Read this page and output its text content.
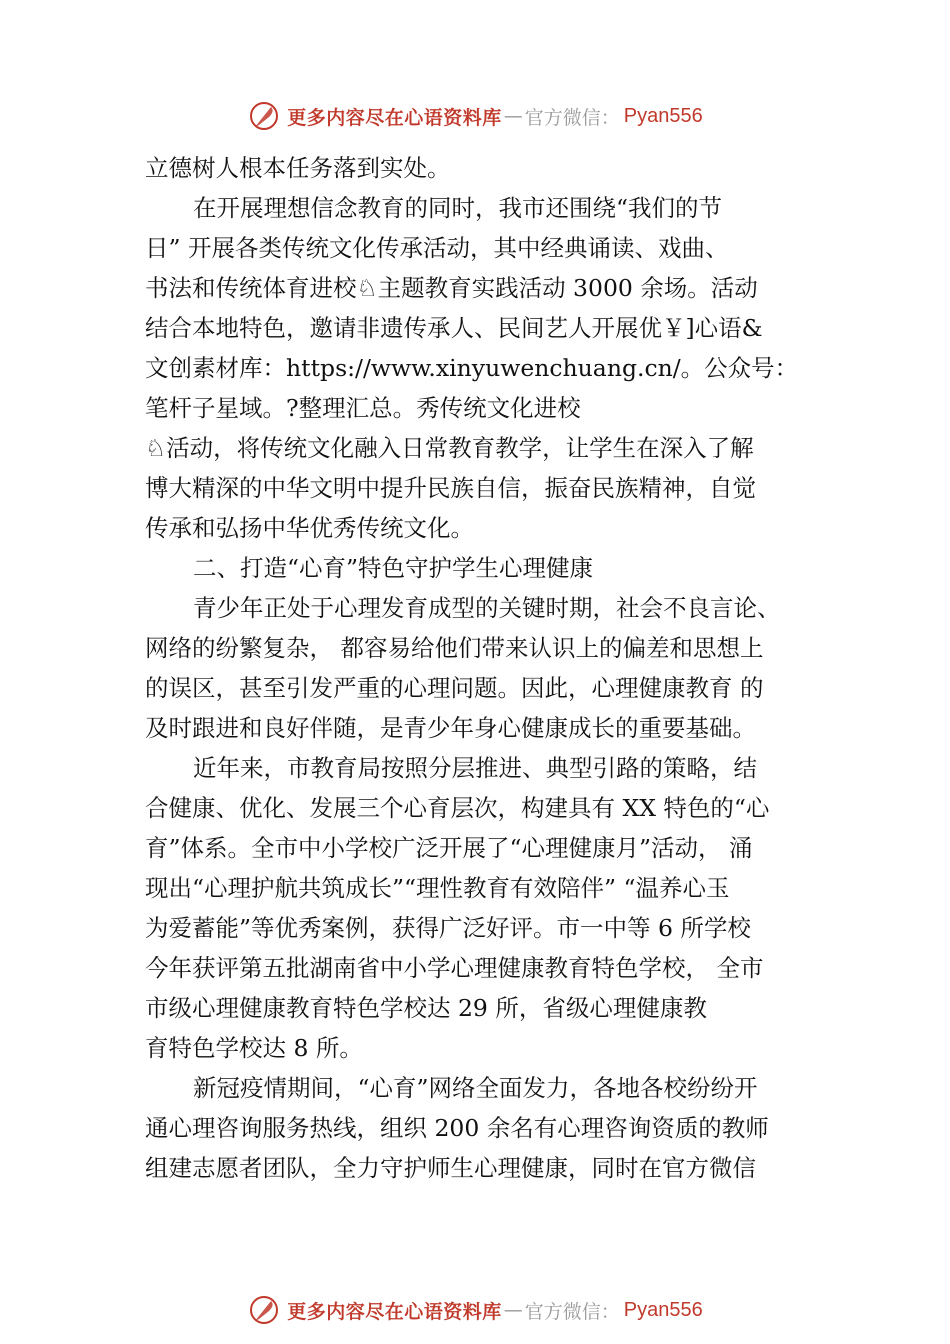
更多内容尽在心语资料库 — 官方微信： Pyan556
立德树人根本任务落到实处。
在开展理想信念教育的同时，我市还围绕“我们的节
日” 开展各类传统文化传承活动，其中经典诵读、戏曲、
书法和传统体育进校♘主题教育实践活动 3000 余场。活动
结合本地特色，邀请非遗传承人、民间艺人开展优￥]心语&
文创素材库：https://www.xinyuwenchuang.cn/。公众号：
笔杆子星域。?整理汇总。秀传统文化进校
♘活动，将传统文化融入日常教育教学，让学生在深入了解
博大精深的中华文明中提升民族自信，振奋民族精神，自觉
传承和弘扬中华优秀传统文化。
二、打造“心育”特色守护学生心理健康
青少年正处于心理发育成型的关键时期，社会不良言论、
网络的纷繁复杂， 都容易给他们带来认识上的偏差和思想上
的误区，甚至引发严重的心理问题。因此，心理健康教育 的
及时跟进和良好伴随，是青少年身心健康成长的重要基础。
近年来，市教育局按照分层推进、典型引路的策略，结
合健康、优化、发展三个心育层次，构建具有 XX 特色的“心
育”体系。全市中小学校广泛开展了“心理健康月”活动， 涌
现出“心理护航共筑成长”“理性教育有效陪伴” “温养心玉
为爱蓄能”等优秀案例，获得广泛好评。市一中等 6 所学校
今年获评第五批湖南省中小学心理健康教育特色学校， 全市
市级心理健康教育特色学校达 29 所，省级心理健康教
育特色学校达 8 所。
新冠疫情期间，“心育”网络全面发力，各地各校纷纷开
通心理咨询服务热线，组织 200 余名有心理咨询资质的教师
组建志愿者团队，全力守护师生心理健康，同时在官方微信
更多内容尽在心语资料库 — 官方微信： Pyan556
